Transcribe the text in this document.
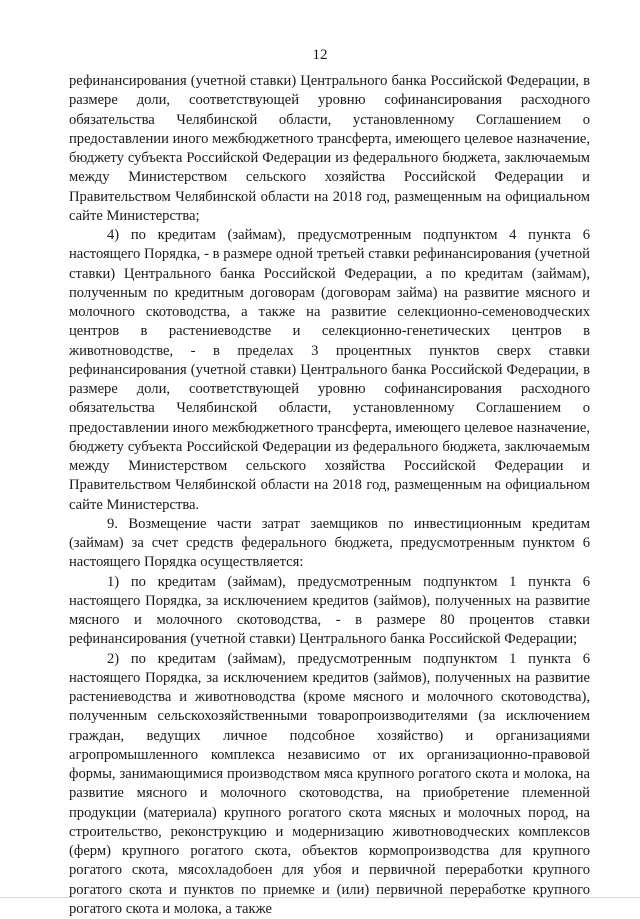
12

рефинансирования (учетной ставки) Центрального банка Российской Федерации, в размере доли, соответствующей уровню софинансирования расходного обязательства Челябинской области, установленному Соглашением о предоставлении иного межбюджетного трансферта, имеющего целевое назначение, бюджету субъекта Российской Федерации из федерального бюджета, заключаемым между Министерством сельского хозяйства Российской Федерации и Правительством Челябинской области на 2018 год, размещенным на официальном сайте Министерства;

4) по кредитам (займам), предусмотренным подпунктом 4 пункта 6 настоящего Порядка, - в размере одной третьей ставки рефинансирования (учетной ставки) Центрального банка Российской Федерации, а по кредитам (займам), полученным по кредитным договорам (договорам займа) на развитие мясного и молочного скотоводства, а также на развитие селекционно-семеноводческих центров в растениеводстве и селекционно-генетических центров в животноводстве, - в пределах 3 процентных пунктов сверх ставки рефинансирования (учетной ставки) Центрального банка Российской Федерации, в размере доли, соответствующей уровню софинансирования расходного обязательства Челябинской области, установленному Соглашением о предоставлении иного межбюджетного трансферта, имеющего целевое назначение, бюджету субъекта Российской Федерации из федерального бюджета, заключаемым между Министерством сельского хозяйства Российской Федерации и Правительством Челябинской области на 2018 год, размещенным на официальном сайте Министерства.

9. Возмещение части затрат заемщиков по инвестиционным кредитам (займам) за счет средств федерального бюджета, предусмотренным пунктом 6 настоящего Порядка осуществляется:

1) по кредитам (займам), предусмотренным подпунктом 1 пункта 6 настоящего Порядка, за исключением кредитов (займов), полученных на развитие мясного и молочного скотоводства, - в размере 80 процентов ставки рефинансирования (учетной ставки) Центрального банка Российской Федерации;

2) по кредитам (займам), предусмотренным подпунктом 1 пункта 6 настоящего Порядка, за исключением кредитов (займов), полученных на развитие растениеводства и животноводства (кроме мясного и молочного скотоводства), полученным сельскохозяйственными товаропроизводителями (за исключением граждан, ведущих личное подсобное хозяйство) и организациями агропромышленного комплекса независимо от их организационно-правовой формы, занимающимися производством мяса крупного рогатого скота и молока, на развитие мясного и молочного скотоводства, на приобретение племенной продукции (материала) крупного рогатого скота мясных и молочных пород, на строительство, реконструкцию и модернизацию животноводческих комплексов (ферм) крупного рогатого скота, объектов кормопроизводства для крупного рогатого скота, мясохладобоен для убоя и первичной переработки крупного рогатого скота и пунктов по приемке и (или) первичной переработке крупного рогатого скота и молока, а также
